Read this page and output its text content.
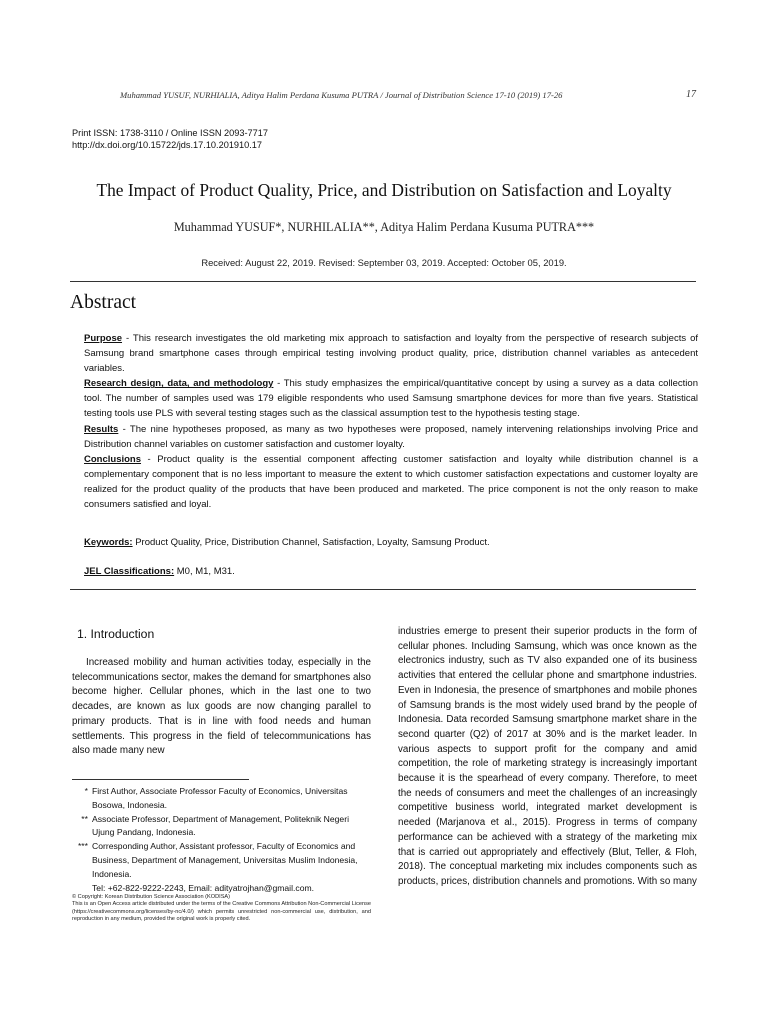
Muhammad YUSUF, NURHIALIA, Aditya Halim Perdana Kusuma PUTRA / Journal of Distribution Science 17-10 (2019) 17-26	17
Print ISSN: 1738-3110 / Online ISSN 2093-7717
http://dx.doi.org/10.15722/jds.17.10.201910.17
The Impact of Product Quality, Price, and Distribution on Satisfaction and Loyalty
Muhammad YUSUF*, NURHILALIA**, Aditya Halim Perdana Kusuma PUTRA***
Received: August 22, 2019. Revised: September 03, 2019. Accepted: October 05, 2019.
Abstract

Purpose - This research investigates the old marketing mix approach to satisfaction and loyalty from the perspective of research subjects of Samsung brand smartphone cases through empirical testing involving product quality, price, distribution channel variables as antecedent variables.

Research design, data, and methodology - This study emphasizes the empirical/quantitative concept by using a survey as a data collection tool. The number of samples used was 179 eligible respondents who used Samsung smartphone devices for more than five years. Statistical testing tools use PLS with several testing stages such as the classical assumption test to the hypothesis testing stage.

Results - The nine hypotheses proposed, as many as two hypotheses were proposed, namely intervening relationships involving Price and Distribution channel variables on customer satisfaction and customer loyalty.

Conclusions - Product quality is the essential component affecting customer satisfaction and loyalty while distribution channel is a complementary component that is no less important to measure the extent to which customer satisfaction expectations and customer loyalty are realized for the product quality of the products that have been produced and marketed. The price component is not the only reason to make consumers satisfied and loyal.

Keywords: Product Quality, Price, Distribution Channel, Satisfaction, Loyalty, Samsung Product.
JEL Classifications: M0, M1, M31.
1. Introduction

Increased mobility and human activities today, especially in the telecommunications sector, makes the demand for smartphones also become higher. Cellular phones, which in the last one to two decades, are known as lux goods are now changing parallel to primary products. That is in line with food needs and human settlements. This progress in the field of telecommunications has also made many new

* First Author, Associate Professor Faculty of Economics, Universitas Bosowa, Indonesia.
** Associate Professor, Department of Management, Politeknik Negeri Ujung Pandang, Indonesia.
*** Corresponding Author, Assistant professor, Faculty of Economics and Business, Department of Management, Universitas Muslim Indonesia, Indonesia.
Tel: +62-822-9222-2243, Email: adityatrojhan@gmail.com.

© Copyright: Korean Distribution Science Association (KODISA)

This is an Open Access article distributed under the terms of the Creative Commons Attribution Non-Commercial License (https://creativecommons.org/licenses/by-nc/4.0/) which permits unrestricted non-commercial use, distribution, and reproduction in any medium, provided the original work is properly cited.

industries emerge to present their superior products in the form of cellular phones. Including Samsung, which was once known as the electronics industry, such as TV also expanded one of its business activities that entered the cellular phone and smartphone industries. Even in Indonesia, the presence of smartphones and mobile phones of Samsung brands is the most widely used brand by the people of Indonesia. Data recorded Samsung smartphone market share in the second quarter (Q2) of 2017 at 30% and is the market leader. In various aspects to support profit for the company and amid competition, the role of marketing strategy is increasingly important because it is the spearhead of every company. Therefore, to meet the needs of consumers and meet the challenges of an increasingly competitive business world, integrated market development is needed (Marjanova et al., 2015). Progress in terms of company performance can be achieved with a strategy of the marketing mix that is carried out appropriately and effectively (Blut, Teller, & Floh, 2018). The conceptual marketing mix includes components such as products, prices, distribution channels and promotions. With so many
